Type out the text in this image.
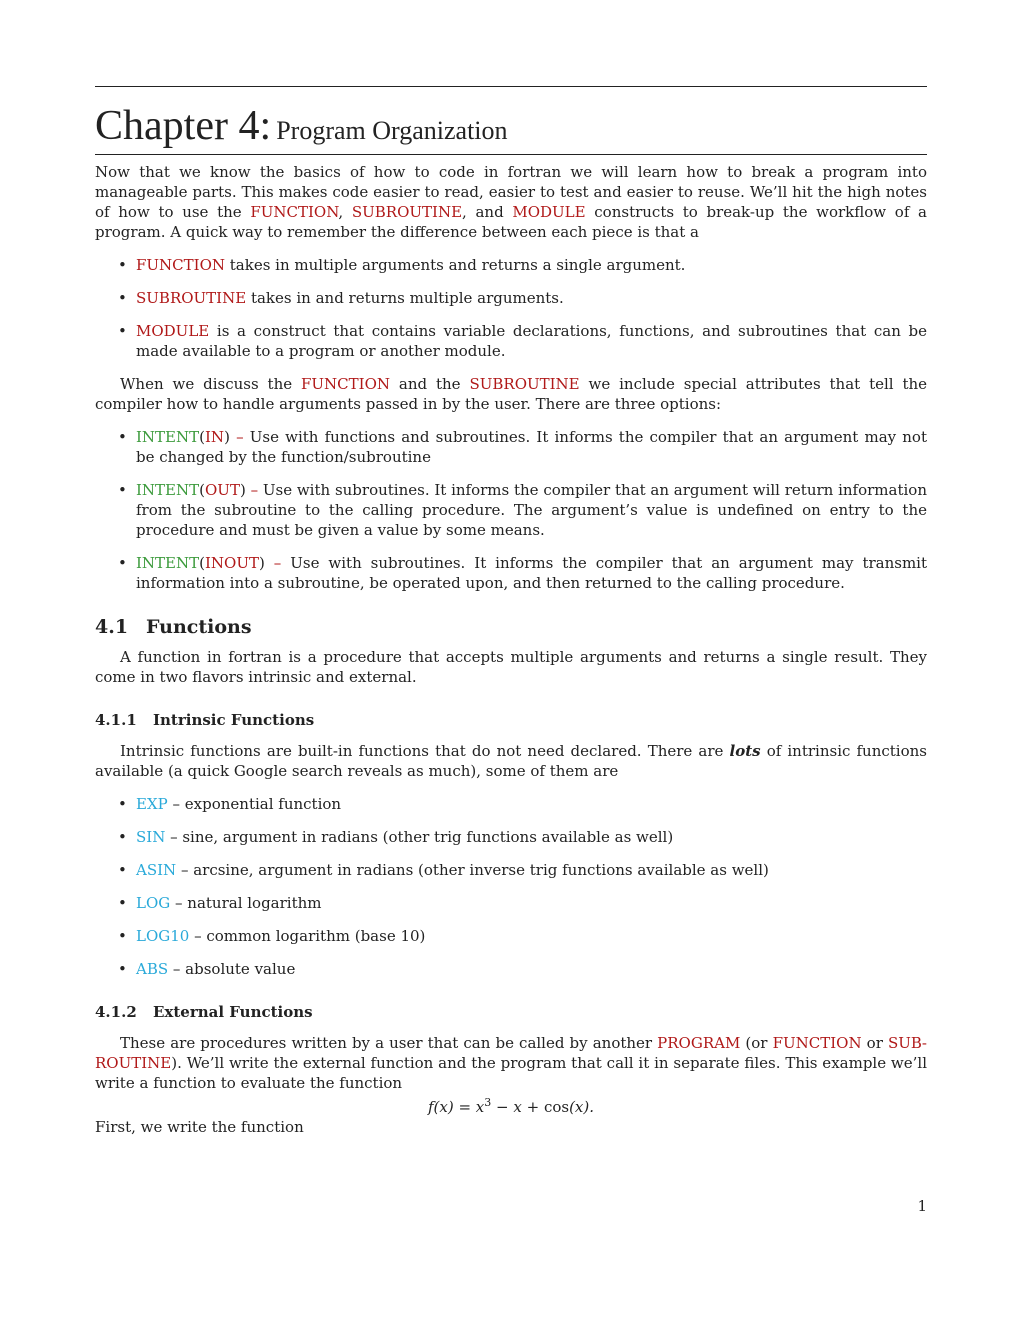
Chapter 4: Program Organization

Now that we know the basics of how to code in fortran we will learn how to break a program into manageable parts. This makes code easier to read, easier to test and easier to reuse. We’ll hit the high notes of how to use the FUNCTION, SUBROUTINE, and MODULE constructs to break-up the workflow of a program. A quick way to remember the difference between each piece is that a

• FUNCTION takes in multiple arguments and returns a single argument.
• SUBROUTINE takes in and returns multiple arguments.
• MODULE is a construct that contains variable declarations, functions, and subroutines that can be made available to a program or another module.

When we discuss the FUNCTION and the SUBROUTINE we include special attributes that tell the compiler how to handle arguments passed in by the user. There are three options:

• INTENT(IN) – Use with functions and subroutines. It informs the compiler that an argument may not be changed by the function/subroutine
• INTENT(OUT) – Use with subroutines. It informs the compiler that an argument will return information from the subroutine to the calling procedure. The argument’s value is undefined on entry to the procedure and must be given a value by some means.
• INTENT(INOUT) – Use with subroutines. It informs the compiler that an argument may transmit information into a subroutine, be operated upon, and then returned to the calling procedure.
4.1 Functions

A function in fortran is a procedure that accepts multiple arguments and returns a single result. They come in two flavors intrinsic and external.

4.1.1 Intrinsic Functions

Intrinsic functions are built-in functions that do not need declared. There are lots of intrinsic functions available (a quick Google search reveals as much), some of them are

• EXP – exponential function
• SIN – sine, argument in radians (other trig functions available as well)
• ASIN – arcsine, argument in radians (other inverse trig functions available as well)
• LOG – natural logarithm
• LOG10 – common logarithm (base 10)
• ABS – absolute value
4.1.2 External Functions

These are procedures written by a user that can be called by another PROGRAM (or FUNCTION or SUBROUTINE). We’ll write the external function and the program that call it in separate files. This example we’ll write a function to evaluate the function

$f(x) = x^3 - x + \cos(x)$.

First, we write the function

1
